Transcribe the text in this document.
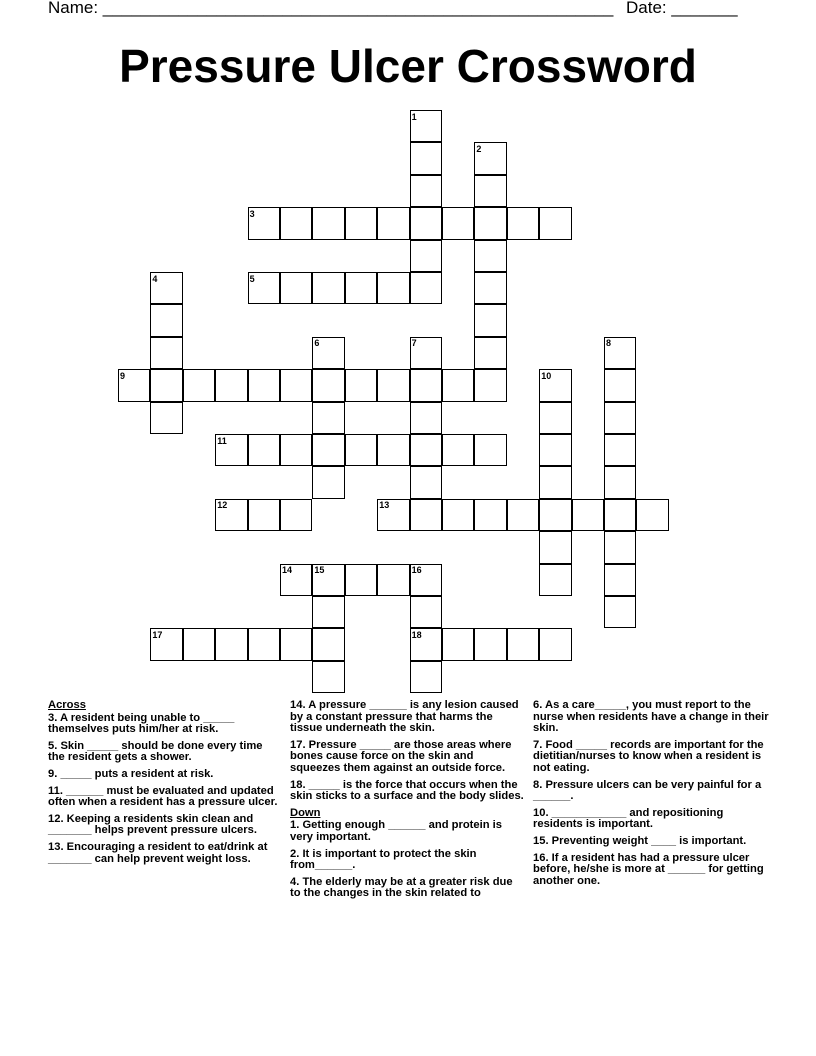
Name: ______________________________________________________ Date: _______
Pressure Ulcer Crossword
1
2
3
4	5
6	7	8
9	10
11
12	13
14 15	16
17	18

Across

3. A resident being unable to _____ themselves puts him/her at risk.

5. Skin _____ should be done every time the resident gets a shower.

9. _____ puts a resident at risk.

11. ______ must be evaluated and updated often when a resident has a pressure ulcer.

12. Keeping a residents skin clean and _______ helps prevent pressure ulcers.

13. Encouraging a resident to eat/drink at _______ can help prevent weight loss.

14. A pressure ______ is any lesion caused by a constant pressure that harms the tissue underneath the skin.

17. Pressure _____ are those areas where bones cause force on the skin and squeezes them against an outside force.

18. _____ is the force that occurs when the skin sticks to a surface and the body slides.

Down

1. Getting enough ______ and protein is very important.

2. It is important to protect the skin from______.

4. The elderly may be at a greater risk due to the changes in the skin related to

6. As a care_____, you must report to the nurse when residents have a change in their skin.

7. Food _____ records are important for the dietitian/nurses to know when a resident is not eating.

8. Pressure ulcers can be very painful for a ______.

10. ____________ and repositioning residents is important.

15. Preventing weight ____ is important.

16. If a resident has had a pressure ulcer before, he/she is more at ______ for getting another one.
